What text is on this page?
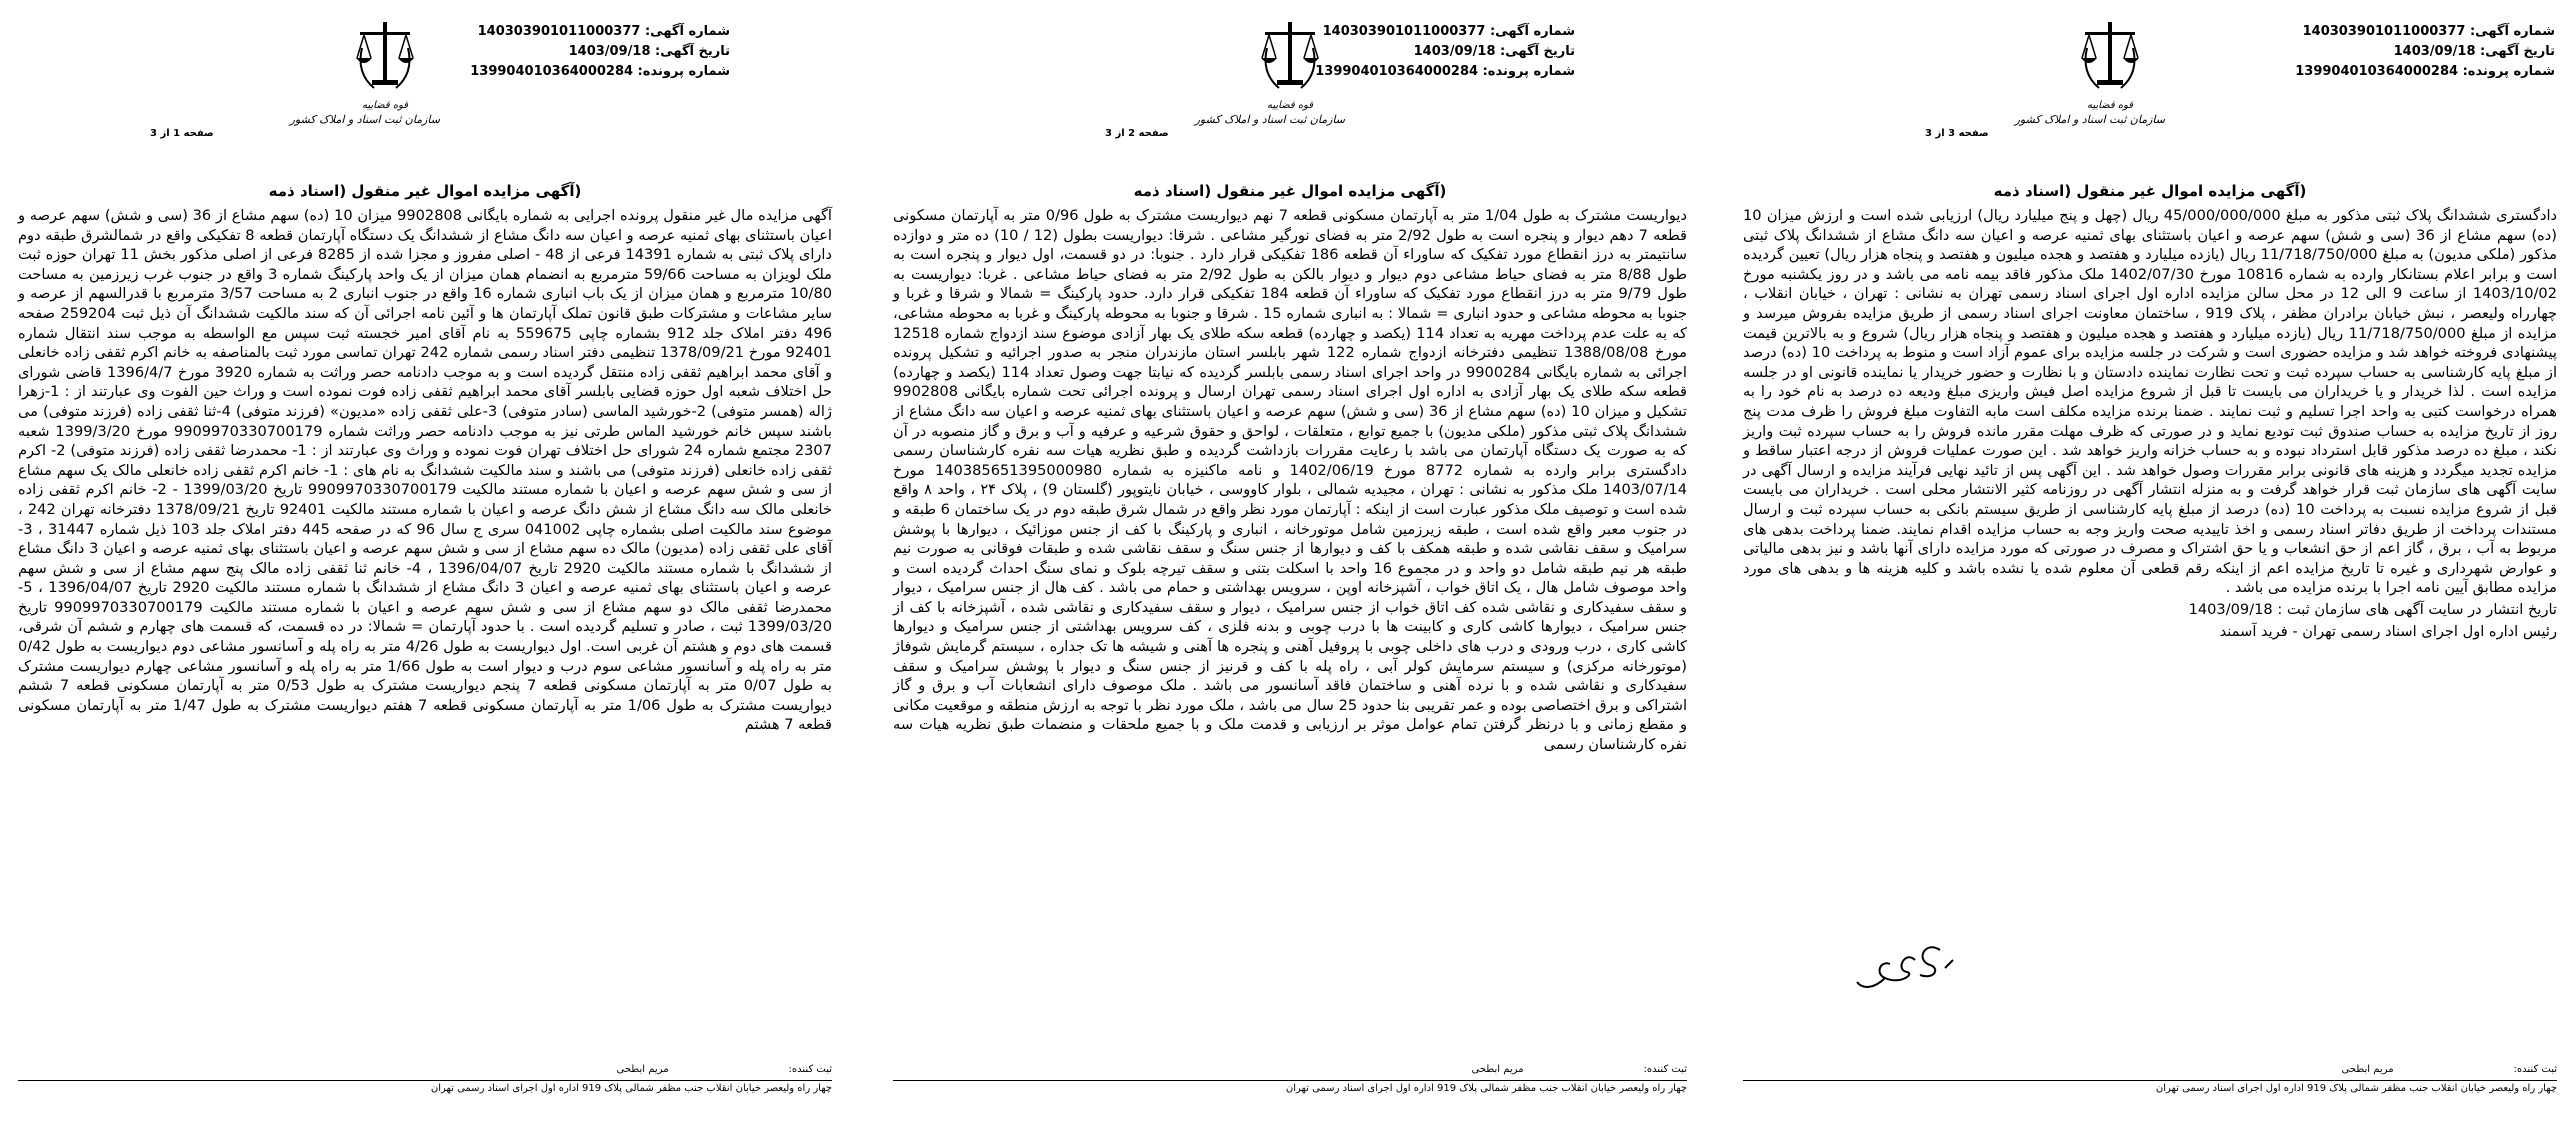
شماره آگهی: 140303901011000377
تاریخ آگهی: 1403/09/18
شماره پرونده: 139904010364000284
قوه قضاییه
سازمان ثبت اسناد و املاک کشور
صفحه 3 از 3
(آگهی مزایده اموال غیر منقول (اسناد ذمه
دادگستری ششدانگ پلاک ثبتی مذکور به مبلغ 45/000/000/000 ریال (چهل و پنج میلیارد ریال) ارزیابی شده است و ارزش میزان 10 (ده) سهم مشاع از 36 (سی و شش) سهم عرصه و اعیان باستثنای بهای ثمنیه عرصه و اعیان سه دانگ مشاع از ششدانگ پلاک ثبتی مذکور (ملکی مدیون) به مبلغ 11/718/750/000 ریال (یازده میلیارد و هفتصد و هجده میلیون و هفتصد و پنجاه هزار ریال) تعیین گردیده است و برابر اعلام بستانکار وارده به شماره 10816 مورخ 1402/07/30 ملک مذکور فاقد بیمه نامه می باشد و در روز یکشنبه مورخ 1403/10/02 از ساعت 9 الی 12 در محل سالن مزایده اداره اول اجرای اسناد رسمی تهران به نشانی : تهران ، خیابان انقلاب ، چهارراه ولیعصر ، نبش خیابان برادران مظفر ، پلاک 919 ، ساختمان معاونت اجرای اسناد رسمی از طریق مزایده بفروش میرسد و مزایده از مبلغ 11/718/750/000 ریال (یازده میلیارد و هفتصد و هجده میلیون و هفتصد و پنجاه هزار ریال) شروع و به بالاترین قیمت پیشنهادی فروخته خواهد شد و مزایده حضوری است و شرکت در جلسه مزایده برای عموم آزاد است و منوط به پرداخت 10 (ده) درصد از مبلغ پایه کارشناسی به حساب سپرده ثبت و تحت نظارت نماینده دادستان و با نظارت و حضور خریدار یا نماینده قانونی او در جلسه مزایده است . لذا خریدار و یا خریداران می بایست تا قبل از شروع مزایده اصل فیش واریزی مبلغ ودیعه ده درصد به نام خود را به همراه درخواست کتبی به واحد اجرا تسلیم و ثبت نمایند . ضمنا برنده مزایده مکلف است مابه التفاوت مبلغ فروش را ظرف مدت پنج روز از تاریخ مزایده به حساب صندوق ثبت تودیع نماید و در صورتی که ظرف مهلت مقرر مانده فروش را به حساب سپرده ثبت واریز نکند ، مبلغ ده درصد مذکور قابل استرداد نبوده و به حساب خزانه واریز خواهد شد . این صورت عملیات فروش از درجه اعتبار ساقط و مزایده تجدید میگردد و هزینه های قانونی برابر مقررات وصول خواهد شد . این آگهی پس از تائید نهایی فرآیند مزایده و ارسال آگهی در سایت آگهی های سازمان ثبت قرار خواهد گرفت و به منزله انتشار آگهی در روزنامه کثیر الانتشار محلی است . خریداران می بایست قبل از شروع مزایده نسبت به پرداخت 10 (ده) درصد از مبلغ پایه کارشناسی از طریق سیستم بانکی به حساب سپرده ثبت و ارسال مستندات پرداخت از طریق دفاتر اسناد رسمی و اخذ تاییدیه صحت واریز وجه به حساب مزایده اقدام نمایند. ضمنا پرداخت بدهی های مربوط به آب ، برق ، گاز اعم از حق انشعاب و یا حق اشتراک و مصرف در صورتی که مورد مزایده دارای آنها باشد و نیز بدهی مالیاتی و عوارض شهرداری و غیره تا تاریخ مزایده اعم از اینکه رقم قطعی آن معلوم شده یا نشده باشد و کلیه هزینه ها و بدهی های مورد مزایده مطابق آیین نامه اجرا با برنده مزایده می باشد .
تاریخ انتشار در سایت آگهی های سازمان ثبت : 1403/09/18
رئیس اداره اول اجرای اسناد رسمی تهران - فرید آسمند
ثبت کننده:مریم ابطحی
چهار راه ولیعصر خیابان انقلاب جنب مظفر شمالی پلاک 919 اداره اول اجرای اسناد رسمی تهران
شماره آگهی: 140303901011000377
تاریخ آگهی: 1403/09/18
شماره پرونده: 139904010364000284
قوه قضاییه
سازمان ثبت اسناد و املاک کشور
صفحه 2 از 3
(آگهی مزایده اموال غیر منقول (اسناد ذمه
دیواریست مشترک به طول 1/04 متر به آپارتمان مسکونی قطعه 7 نهم دیواریست مشترک به طول 0/96 متر به آپارتمان مسکونی قطعه 7 دهم دیوار و پنجره است به طول 2/92 متر به فضای نورگیر مشاعی . شرقا: دیواریست بطول (12 / 10) ده متر و دوازده سانتیمتر به درز انقطاع مورد تفکیک که ساوراء آن قطعه 186 تفکیکی قرار دارد . جنوبا: در دو قسمت، اول دیوار و پنجره است به طول 8/88 متر به فضای حیاط مشاعی دوم دیوار و دیوار بالکن به طول 2/92 متر به فضای حیاط مشاعی . غربا: دیواریست به طول 9/79 متر به درز انقطاع مورد تفکیک که ساوراء آن قطعه 184 تفکیکی قرار دارد. حدود پارکینگ = شمالا و شرقا و غربا و جنوبا به محوطه مشاعی و حدود انباری = شمالا : به انباری شماره 15 . شرقا و جنوبا به محوطه پارکینگ و غربا به محوطه مشاعی، که به علت عدم پرداخت مهریه به تعداد 114 (یکصد و چهارده) قطعه سکه طلای یک بهار آزادی موضوع سند ازدواج شماره 12518 مورخ 1388/08/08 تنظیمی دفترخانه ازدواج شماره 122 شهر بابلسر استان مازندران منجر به صدور اجرائیه و تشکیل پرونده اجرائی به شماره بایگانی 9900284 در واحد اجرای اسناد رسمی بابلسر گردیده که نیابتا جهت وصول تعداد 114 (یکصد و چهارده) قطعه سکه طلای یک بهار آزادی به اداره اول اجرای اسناد رسمی تهران ارسال و پرونده اجرائی تحت شماره بایگانی 9902808 تشکیل و میزان 10 (ده) سهم مشاع از 36 (سی و شش) سهم عرصه و اعیان باستثنای بهای ثمنیه عرصه و اعیان سه دانگ مشاع از ششدانگ پلاک ثبتی مذکور (ملکی مدیون) با جمیع توابع ، متعلقات ، لواحق و حقوق شرعیه و عرفیه و آب و برق و گاز منصوبه در آن که به صورت یک دستگاه آپارتمان می باشد با رعایت مقررات بازداشت گردیده و طبق نظریه هیات سه نفره کارشناسان رسمی دادگستری برابر وارده به شماره 8772 مورخ 1402/06/19 و نامه ماکنیزه به شماره 140385651395000980 مورخ 1403/07/14 ملک مذکور به نشانی : تهران ، مجیدیه شمالی ، بلوار کاووسی ، خیابان نایتوپور (گلستان 9) ، پلاک ۲۴ ، واحد ۸ واقع شده است و توصیف ملک مذکور عبارت است از اینکه : آپارتمان مورد نظر واقع در شمال شرق طبقه دوم در یک ساختمان 6 طبقه و در جنوب معبر واقع شده است ، طبقه زیرزمین شامل موتورخانه ، انباری و پارکینگ با کف از جنس موزائیک ، دیوارها با پوشش سرامیک و سقف نقاشی شده و طبقه همکف با کف و دیوارها از جنس سنگ و سقف نقاشی شده و طبقات فوقانی به صورت نیم طبقه هر نیم طبقه شامل دو واحد و در مجموع 16 واحد با اسکلت بتنی و سقف تیرچه بلوک و نمای سنگ احداث گردیده است و واحد موصوف شامل هال ، یک اتاق خواب ، آشپزخانه اوپن ، سرویس بهداشتی و حمام می باشد . کف هال از جنس سرامیک ، دیوار و سقف سفیدکاری و نقاشی شده کف اتاق خواب از جنس سرامیک ، دیوار و سقف سفیدکاری و نقاشی شده ، آشپزخانه با کف از جنس سرامیک ، دیوارها کاشی کاری و کابینت ها با درب چوبی و بدنه فلزی ، کف سرویس بهداشتی از جنس سرامیک و دیوارها کاشی کاری ، درب ورودی و درب های داخلی چوبی با پروفیل آهنی و پنجره ها آهنی و شیشه ها تک جداره ، سیستم گرمایش شوفاژ (موتورخانه مرکزی) و سیستم سرمایش کولر آبی ، راه پله با کف و قرنیز از جنس سنگ و دیوار با پوشش سرامیک و سقف سفیدکاری و نقاشی شده و با نرده آهنی و ساختمان فاقد آسانسور می باشد . ملک موصوف دارای انشعابات آب و برق و گاز اشتراکی و برق اختصاصی بوده و عمر تقریبی بنا حدود 25 سال می باشد ، ملک مورد نظر با توجه به ارزش منطقه و موقعیت مکانی و مقطع زمانی و با درنظر گرفتن تمام عوامل موثر بر ارزیابی و قدمت ملک و با جمیع ملحقات و منضمات طبق نظریه هیات سه نفره کارشناسان رسمی
ثبت کننده:مریم ابطحی
چهار راه ولیعصر خیابان انقلاب جنب مظفر شمالی پلاک 919 اداره اول اجرای اسناد رسمی تهران
شماره آگهی: 140303901011000377
تاریخ آگهی: 1403/09/18
شماره پرونده: 139904010364000284
قوه قضاییه
سازمان ثبت اسناد و املاک کشور
صفحه 1 از 3
(آگهی مزایده اموال غیر منقول (اسناد ذمه
آگهی مزایده مال غیر منقول پرونده اجرایی به شماره بایگانی 9902808 میزان 10 (ده) سهم مشاع از 36 (سی و شش) سهم عرصه و اعیان باستثنای بهای ثمنیه عرصه و اعیان سه دانگ مشاع از ششدانگ یک دستگاه آپارتمان قطعه 8 تفکیکی واقع در شمالشرق طبقه دوم دارای پلاک ثبتی به شماره 14391 فرعی از 48 - اصلی مفروز و مجزا شده از 8285 فرعی از اصلی مذکور بخش 11 تهران حوزه ثبت ملک لویزان به مساحت 59/66 مترمربع به انضمام همان میزان از یک واحد پارکینگ شماره 3 واقع در جنوب غرب زیرزمین به مساحت 10/80 مترمربع و همان میزان از یک باب انباری شماره 16 واقع در جنوب انباری 2 به مساحت 3/57 مترمربع با قدرالسهم از عرصه و سایر مشاعات و مشترکات طبق قانون تملک آپارتمان ها و آئین نامه اجرائی آن که سند مالکیت ششدانگ آن ذیل ثبت 259204 صفحه 496 دفتر املاک جلد 912 بشماره چاپی 559675 به نام آقای امیر خجسته ثبت سپس مع الواسطه به موجب سند انتقال شماره 92401 مورخ 1378/09/21 تنظیمی دفتر اسناد رسمی شماره 242 تهران تماسی مورد ثبت بالمناصفه به خانم اکرم ثقفی زاده خانعلی و آقای محمد ابراهیم ثقفی زاده منتقل گردیده است و به موجب دادنامه حصر وراثت به شماره 3920 مورخ 1396/4/7 قاضی شورای حل اختلاف شعبه اول حوزه قضایی بابلسر آقای محمد ابراهیم ثقفی زاده فوت نموده است و وراث حین الفوت وی عبارتند از : 1-زهرا ژاله (همسر متوفی) 2-خورشید الماسی (سادر متوفی) 3-علی ثقفی زاده «مدیون» (فرزند متوفی) 4-ثنا ثقفی زاده (فرزند متوفی) می باشند سپس خانم خورشید الماس طرتی نیز به موجب دادنامه حصر وراثت شماره 9909970330700179 مورخ 1399/3/20 شعبه 2307 مجتمع شماره 24 شورای حل اختلاف تهران فوت نموده و وراث وی عبارتند از : 1- محمدرضا ثقفی زاده (فرزند متوفی) 2- اکرم ثقفی زاده خانعلی (فرزند متوفی) می باشند و سند مالکیت ششدانگ به نام های : 1- خانم اکرم ثقفی زاده خانعلی مالک یک سهم مشاع از سی و شش سهم عرصه و اعیان با شماره مستند مالکیت 9909970330700179 تاریخ 1399/03/20 - 2- خانم اکرم ثقفی زاده خانعلی مالک سه دانگ مشاع از شش دانگ عرصه و اعیان با شماره مستند مالکیت 92401 تاریخ 1378/09/21 دفترخانه تهران 242 ، موضوع سند مالکیت اصلی بشماره چاپی 041002 سری ج سال 96 که در صفحه 445 دفتر املاک جلد 103 ذیل شماره 31447 ، 3- آقای علی ثقفی زاده (مدیون) مالک ده سهم مشاع از سی و شش سهم عرصه و اعیان باستثنای بهای ثمنیه عرصه و اعیان 3 دانگ مشاع از ششدانگ با شماره مستند مالکیت 2920 تاریخ 1396/04/07 ، 4- خانم ثنا ثقفی زاده مالک پنج سهم مشاع از سی و شش سهم عرصه و اعیان باستثنای بهای ثمنیه عرصه و اعیان 3 دانگ مشاع از ششدانگ با شماره مستند مالکیت 2920 تاریخ 1396/04/07 ، 5- محمدرضا ثقفی مالک دو سهم مشاع از سی و شش سهم عرصه و اعیان با شماره مستند مالکیت 9909970330700179 تاریخ 1399/03/20 ثبت ، صادر و تسلیم گردیده است . با حدود آپارتمان = شمالا: در ده قسمت، که قسمت های چهارم و ششم آن شرقی، قسمت های دوم و هشتم آن غربی است. اول دیواریست به طول 4/26 متر به راه پله و آسانسور مشاعی دوم دیواریست به طول 0/42 متر به راه پله و آسانسور مشاعی سوم درب و دیوار است به طول 1/66 متر به راه پله و آسانسور مشاعی چهارم دیواریست مشترک به طول 0/07 متر به آپارتمان مسکونی قطعه 7 پنجم دیواریست مشترک به طول 0/53 متر به آپارتمان مسکونی قطعه 7 ششم دیواریست مشترک به طول 1/06 متر به آپارتمان مسکونی قطعه 7 هفتم دیواریست مشترک به طول 1/47 متر به آپارتمان مسکونی قطعه 7 هشتم
ثبت کننده:مریم ابطحی
چهار راه ولیعصر خیابان انقلاب جنب مظفر شمالی پلاک 919 اداره اول اجرای اسناد رسمی تهران
